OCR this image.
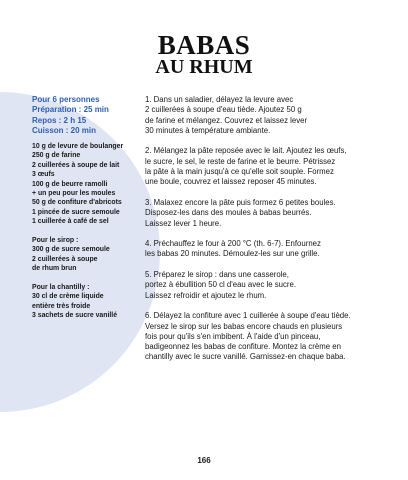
BABAS
AU RHUM
Pour 6 personnes
Préparation : 25 min
Repos : 2 h 15
Cuisson : 20 min
10 g de levure de boulanger
250 g de farine
2 cuillerées à soupe de lait
3 œufs
100 g de beurre ramolli
+ un peu pour les moules
50 g de confiture d'abricots
1 pincée de sucre semoule
1 cuillerée à café de sel
Pour le sirop :
300 g de sucre semoule
2 cuillerées à soupe
de rhum brun
Pour la chantilly :
30 cl de crème liquide
entière très froide
3 sachets de sucre vanillé
1. Dans un saladier, délayez la levure avec
2 cuillerées à soupe d'eau tiède. Ajoutez 50 g
de farine et mélangez. Couvrez et laissez lever
30 minutes à température ambiante.
2. Mélangez la pâte reposée avec le lait. Ajoutez les œufs,
le sucre, le sel, le reste de farine et le beurre. Pétrissez
la pâte à la main jusqu'à ce qu'elle soit souple. Formez
une boule, couvrez et laissez reposer 45 minutes.
3. Malaxez encore la pâte puis formez 6 petites boules.
Disposez-les dans des moules à babas beurrés.
Laissez lever 1 heure.
4. Préchauffez le four à 200 °C (th. 6-7). Enfournez
les babas 20 minutes. Démoulez-les sur une grille.
5. Préparez le sirop : dans une casserole,
portez à ébullition 50 cl d'eau avec le sucre.
Laissez refroidir et ajoutez le rhum.
6. Délayez la confiture avec 1 cuillerée à soupe d'eau tiède.
Versez le sirop sur les babas encore chauds en plusieurs
fois pour qu'ils s'en imbibent. À l'aide d'un pinceau,
badigeonnez les babas de confiture. Montez la crème en
chantilly avec le sucre vanillé. Garnissez-en chaque baba.
166
